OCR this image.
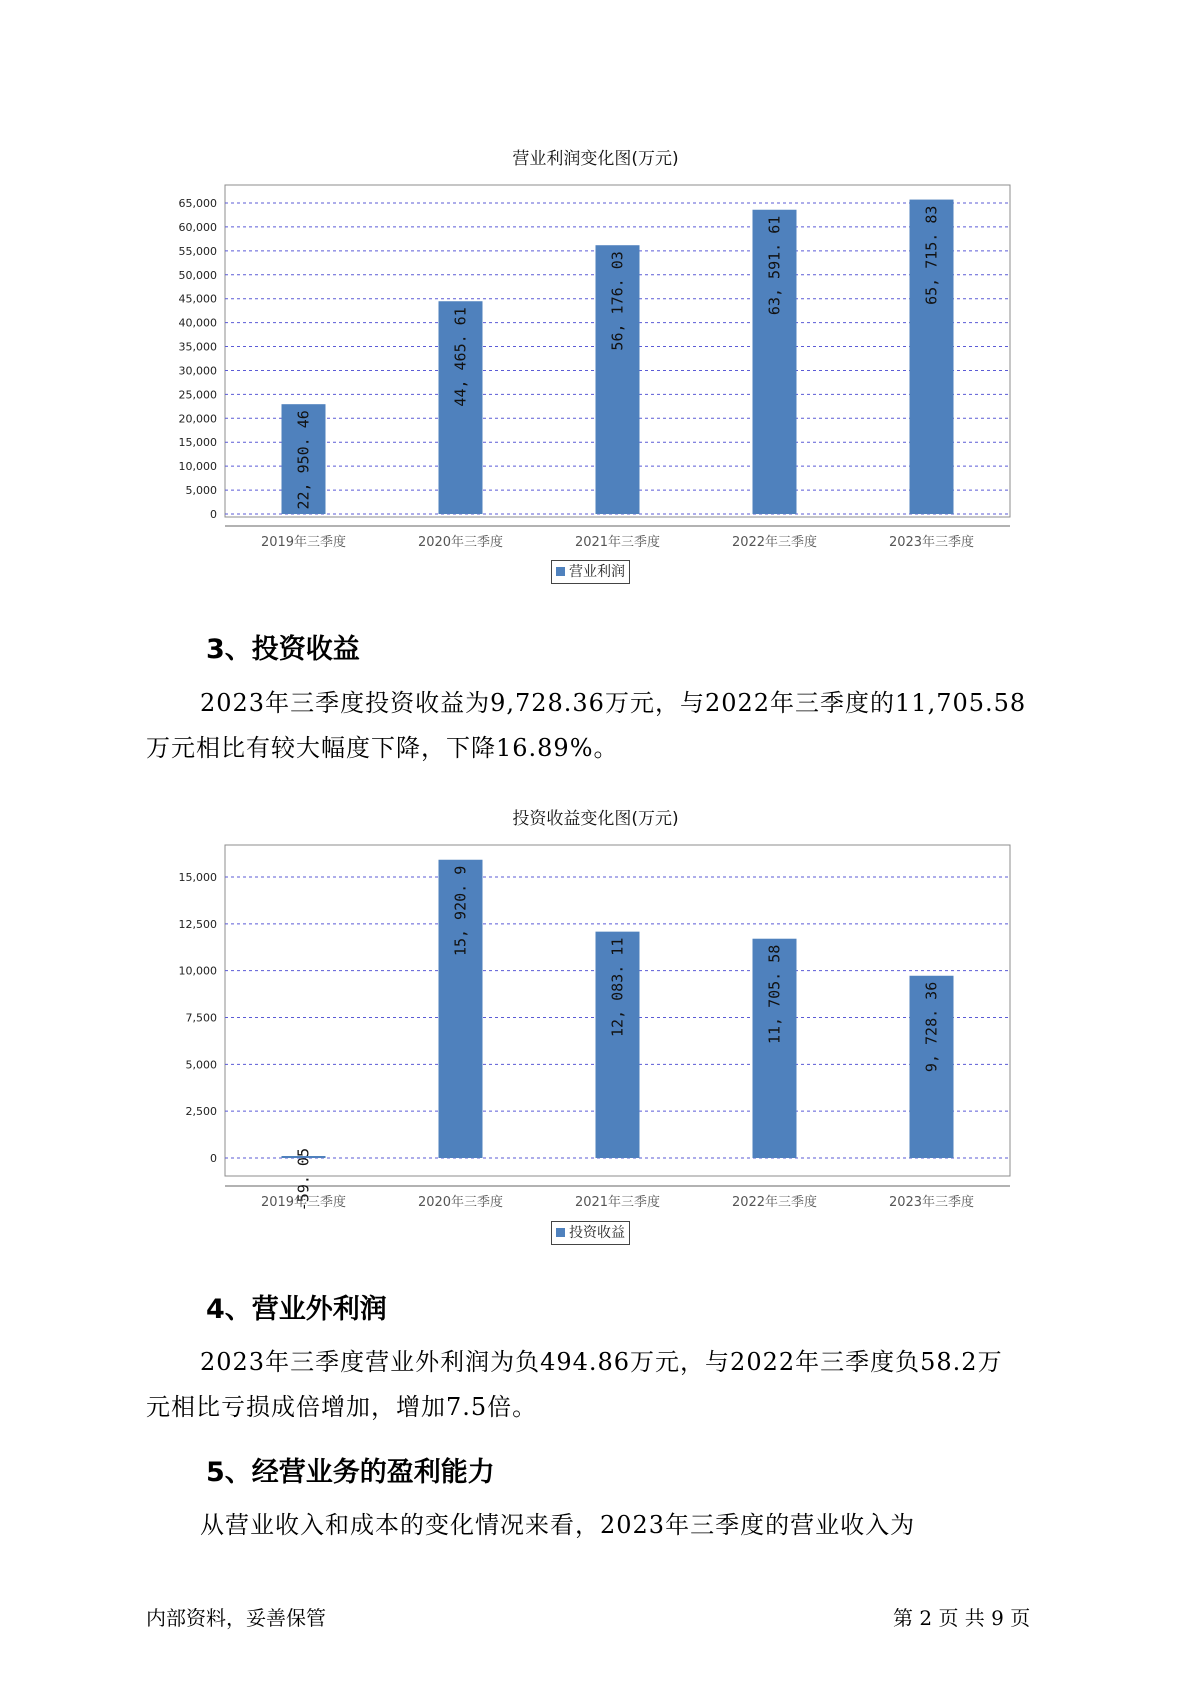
营业利润变化图(万元)
0
5,000
10,000
15,000
20,000
25,000
30,000
35,000
40,000
45,000
50,000
55,000
60,000
65,000
22, 950. 46
2019年三季度
44, 465. 61
2020年三季度
56, 176. 03
2021年三季度
63, 591. 61
2022年三季度
65, 715. 83
2023年三季度
营业利润
3、投资收益
2023年三季度投资收益为9,728.36万元，与2022年三季度的11,705.58
万元相比有较大幅度下降，下降16.89%。
投资收益变化图(万元)
0
2,500
5,000
7,500
10,000
12,500
15,000
-59. 05
2019年三季度
15, 920. 9
2020年三季度
12, 083. 11
2021年三季度
11, 705. 58
2022年三季度
9, 728. 36
2023年三季度
投资收益
4、营业外利润
2023年三季度营业外利润为负494.86万元，与2022年三季度负58.2万
元相比亏损成倍增加，增加7.5倍。
5、经营业务的盈利能力
从营业收入和成本的变化情况来看，2023年三季度的营业收入为
内部资料，妥善保管	第 2 页 共 9 页
